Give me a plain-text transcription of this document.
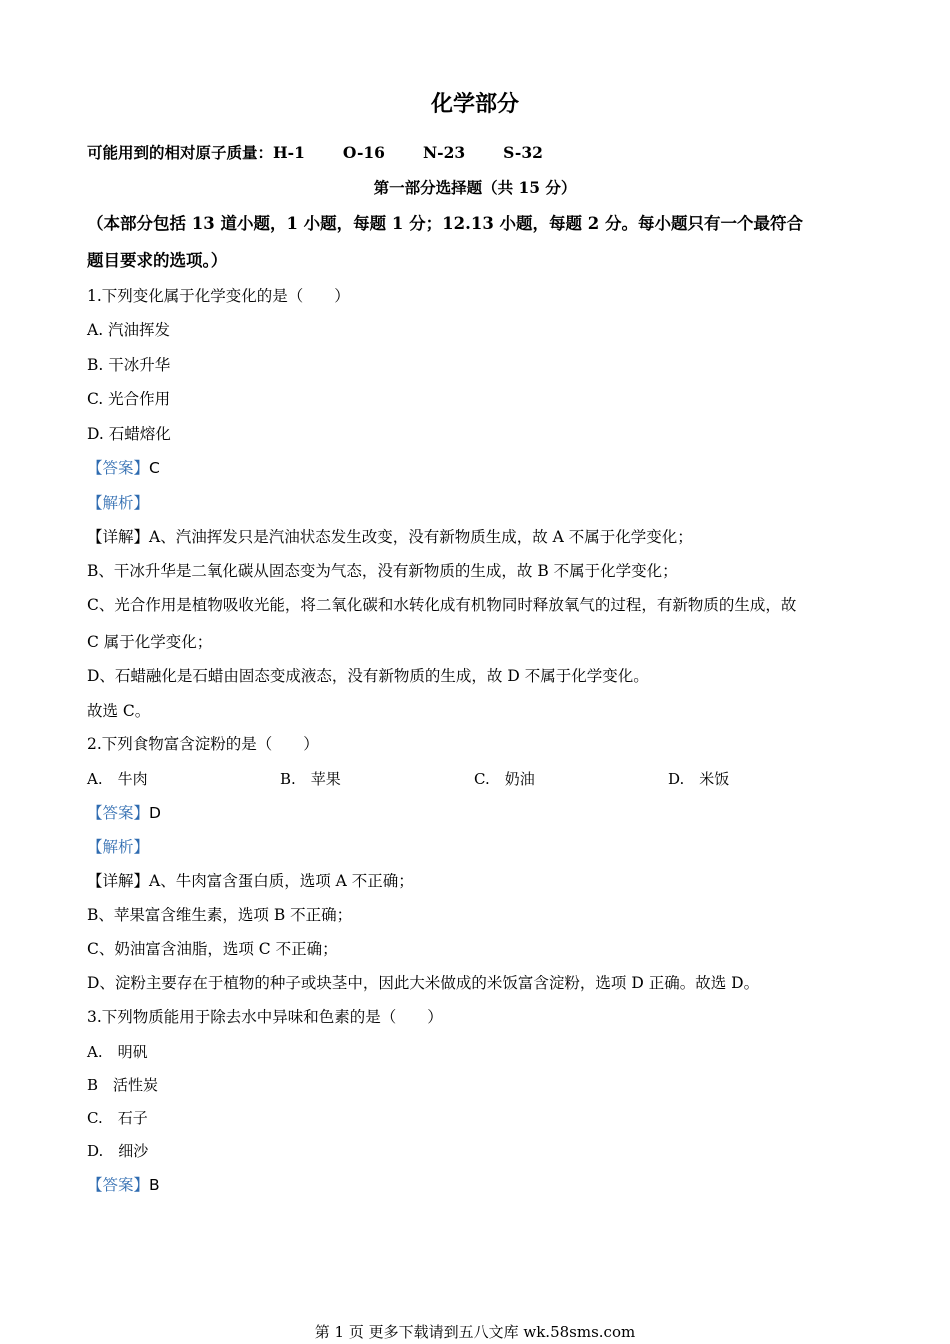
化学部分
可能用到的相对原子质量：H-1 O-16 N-23 S-32
第一部分选择题（共 15 分）
（本部分包括 13 道小题，1 小题，每题 1 分；12.13 小题，每题 2 分。每小题只有一个最符合
题目要求的选项。）
1.下列变化属于化学变化的是（　　）
A. 汽油挥发
B. 干冰升华
C. 光合作用
D. 石蜡熔化
【答案】C
【解析】
【详解】A、汽油挥发只是汽油状态发生改变，没有新物质生成，故 A 不属于化学变化；
B、干冰升华是二氧化碳从固态变为气态，没有新物质的生成，故 B 不属于化学变化；
C、光合作用是植物吸收光能，将二氧化碳和水转化成有机物同时释放氧气的过程，有新物质的生成，故
C 属于化学变化；
D、石蜡融化是石蜡由固态变成液态，没有新物质的生成，故 D 不属于化学变化。
故选 C。
2.下列食物富含淀粉的是（　　）
A.　牛肉	B.　苹果	C.　奶油	D.　米饭
【答案】D
【解析】
【详解】A、牛肉富含蛋白质，选项 A 不正确；
B、苹果富含维生素，选项 B 不正确；
C、奶油富含油脂，选项 C 不正确；
D、淀粉主要存在于植物的种子或块茎中，因此大米做成的米饭富含淀粉，选项 D 正确。故选 D。
3.下列物质能用于除去水中异味和色素的是（　　）
A.　明矾
B　活性炭
C.　石子
D.　细沙
【答案】B
第 1 页 更多下载请到五八文库 wk.58sms.com
